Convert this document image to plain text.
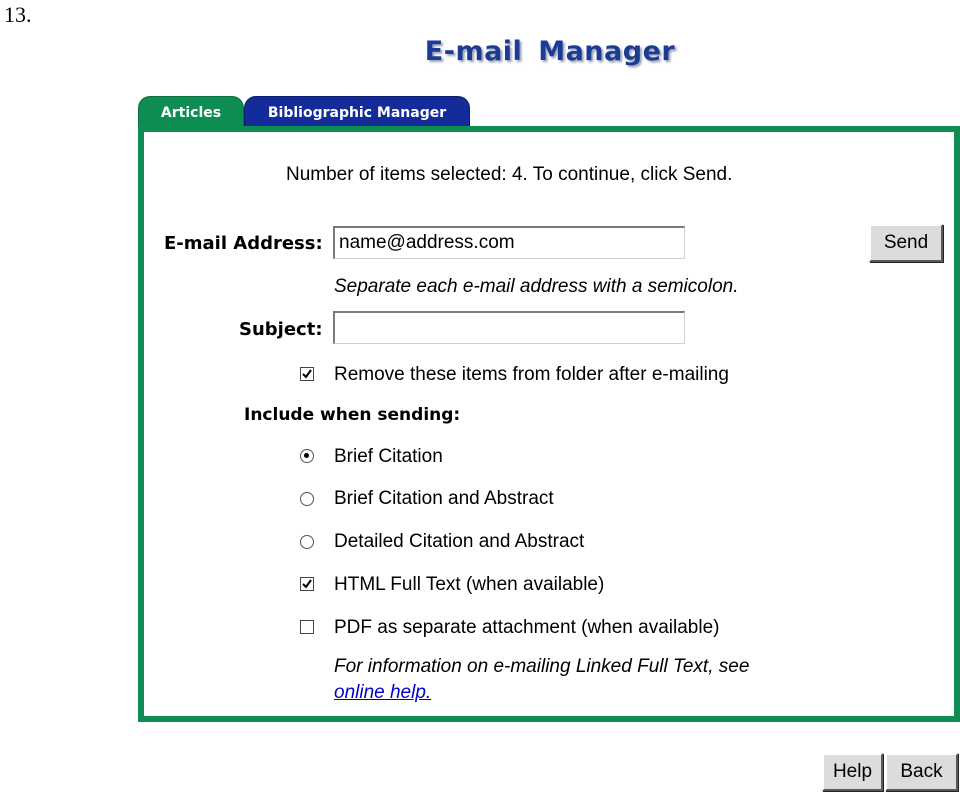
13.
E-mail Manager
Articles	Bibliographic Manager
Number of items selected: 4. To continue, click Send.
E-mail Address:
name@address.com	Send
Separate each e-mail address with a semicolon.
Subject:
Remove these items from folder after e-mailing
Include when sending:
Brief Citation
Brief Citation and Abstract
Detailed Citation and Abstract
HTML Full Text (when available)
PDF as separate attachment (when available)
For information on e-mailing Linked Full Text, see
online help.
Help	Back
